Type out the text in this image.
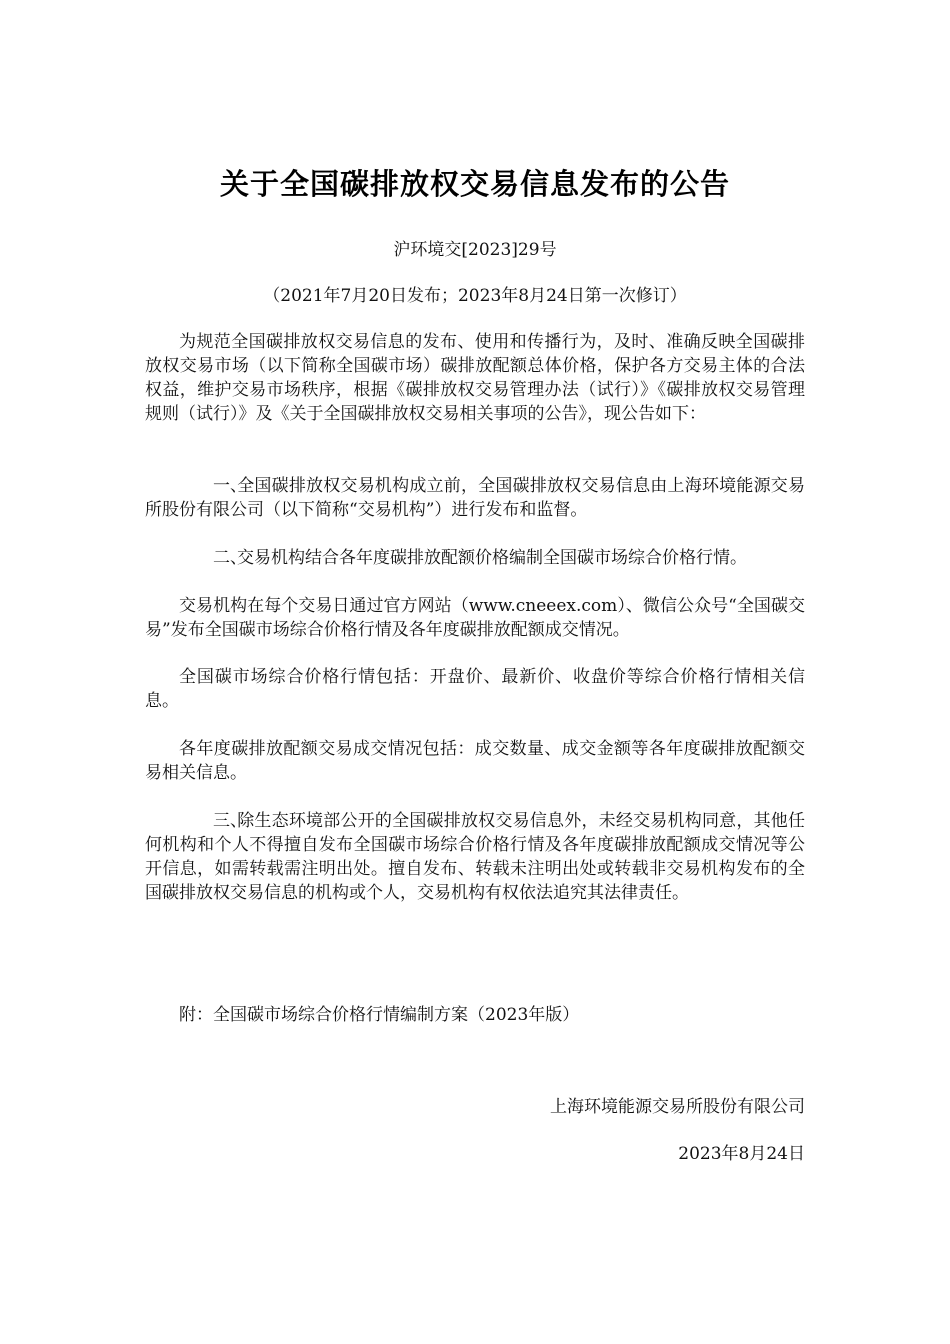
关于全国碳排放权交易信息发布的公告
沪环境交[2023]29号
（2021年7月20日发布；2023年8月24日第一次修订）

为规范全国碳排放权交易信息的发布、使用和传播行为，及时、准确反映全国碳排放权交易市场（以下简称全国碳市场）碳排放配额总体价格，保护各方交易主体的合法权益，维护交易市场秩序，根据《碳排放权交易管理办法（试行）》《碳排放权交易管理规则（试行）》及《关于全国碳排放权交易相关事项的公告》，现公告如下：

一、全国碳排放权交易机构成立前，全国碳排放权交易信息由上海环境能源交易所股份有限公司（以下简称“交易机构”）进行发布和监督。

二、交易机构结合各年度碳排放配额价格编制全国碳市场综合价格行情。

交易机构在每个交易日通过官方网站（www.cneeex.com）、微信公众号“全国碳交易”发布全国碳市场综合价格行情及各年度碳排放配额成交情况。

全国碳市场综合价格行情包括：开盘价、最新价、收盘价等综合价格行情相关信息。

各年度碳排放配额交易成交情况包括：成交数量、成交金额等各年度碳排放配额交易相关信息。

三、除生态环境部公开的全国碳排放权交易信息外，未经交易机构同意，其他任何机构和个人不得擅自发布全国碳市场综合价格行情及各年度碳排放配额成交情况等公开信息，如需转载需注明出处。擅自发布、转载未注明出处或转载非交易机构发布的全国碳排放权交易信息的机构或个人，交易机构有权依法追究其法律责任。

附：全国碳市场综合价格行情编制方案（2023年版）
上海环境能源交易所股份有限公司
2023年8月24日
